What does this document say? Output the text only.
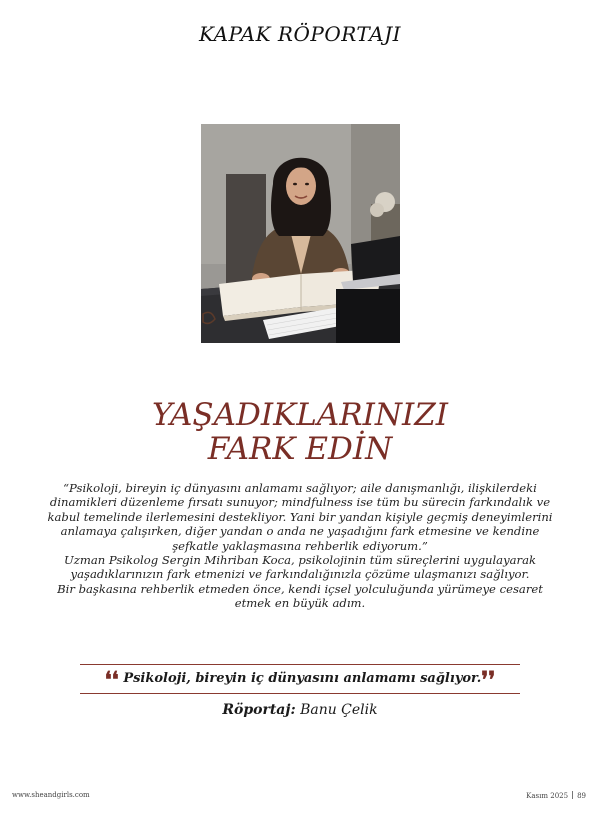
KAPAK RÖPORTAJI
YAŞADIKLARINIZI
FARK EDİN

“Psikoloji, bireyin iç dünyasını anlamamı sağlıyor; aile danışmanlığı, ilişkilerdeki dinamikleri düzenleme fırsatı sunuyor; mindfulness ise tüm bu sürecin farkındalık ve kabul temelinde ilerlemesini destekliyor. Yani bir yandan kişiyle geçmiş deneyimlerini anlamaya çalışırken, diğer yandan o anda ne yaşadığını fark etmesine ve kendine şefkatle yaklaşmasına rehberlik ediyorum.”

Uzman Psikolog Sergin Mihriban Koca, psikolojinin tüm süreçlerini uygulayarak yaşadıklarınızın fark etmenizi ve farkındalığınızla çözüme ulaşmanızı sağlıyor.

Bir başkasına rehberlik etmeden önce, kendi içsel yolculuğunda yürümeye cesaret etmek en büyük adım.

❛❛ Psikoloji, bireyin iç dünyasını anlamamı sağlıyor.❜❜
Röportaj: Banu Çelik
www.sheandgirls.com	Kasım 2025 89
